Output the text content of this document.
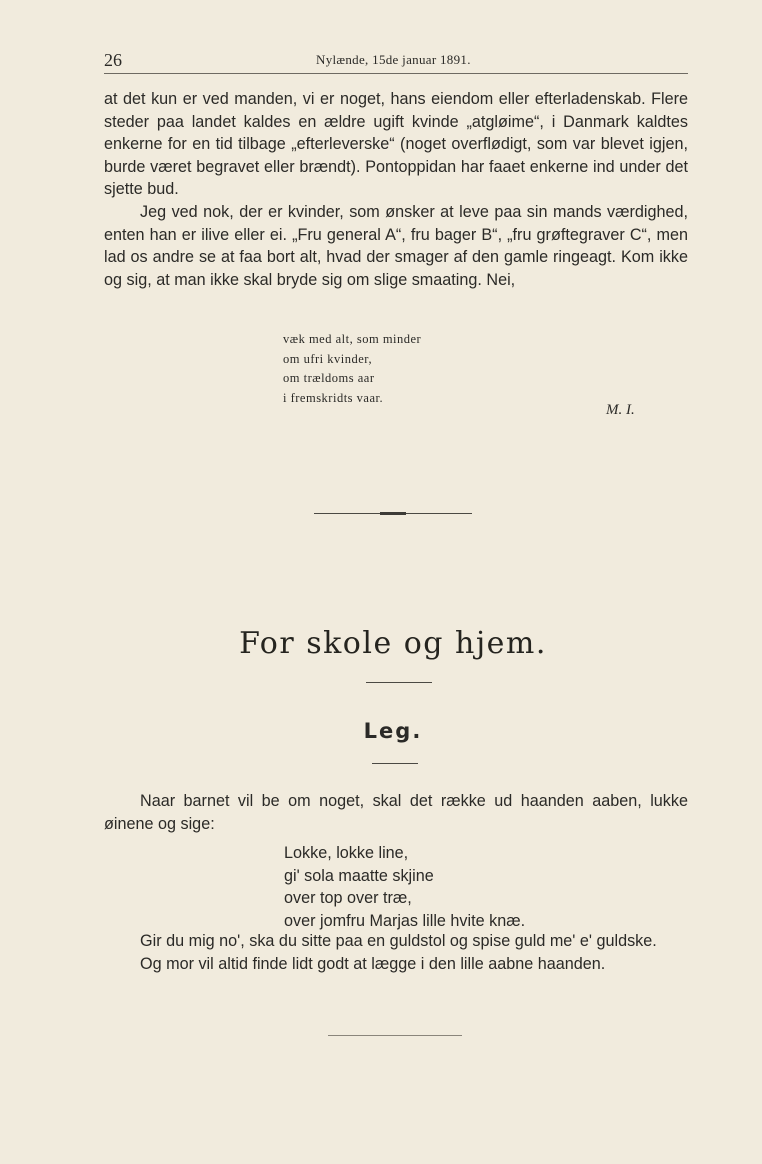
26	Nylænde, 15de januar 1891.

at det kun er ved manden, vi er noget, hans eiendom eller efterladenskab. Flere steder paa landet kaldes en ældre ugift kvinde „atgløime“, i Danmark kaldtes enkerne for en tid tilbage „efterleverske“ (noget overflødigt, som var blevet igjen, burde været begravet eller brændt). Pontoppidan har faaet enkerne ind under det sjette bud.

Jeg ved nok, der er kvinder, som ønsker at leve paa sin mands værdighed, enten han er ilive eller ei. „Fru general A“, fru bager B“, „fru grøftegraver C“, men lad os andre se at faa bort alt, hvad der smager af den gamle ringeagt. Kom ikke og sig, at man ikke skal bryde sig om slige smaating. Nei,

væk med alt, som minder
om ufri kvinder,
om trældoms aar
i fremskridts vaar.
M. I.
For skole og hjem.
Leg.

Naar barnet vil be om noget, skal det række ud haanden aaben, lukke øinene og sige:

Lokke, lokke line,
gi' sola maatte skjine
over top over træ,
over jomfru Marjas lille hvite knæ.

Gir du mig no', ska du sitte paa en guldstol og spise guld me' e' guldske.

Og mor vil altid finde lidt godt at lægge i den lille aabne haanden.
